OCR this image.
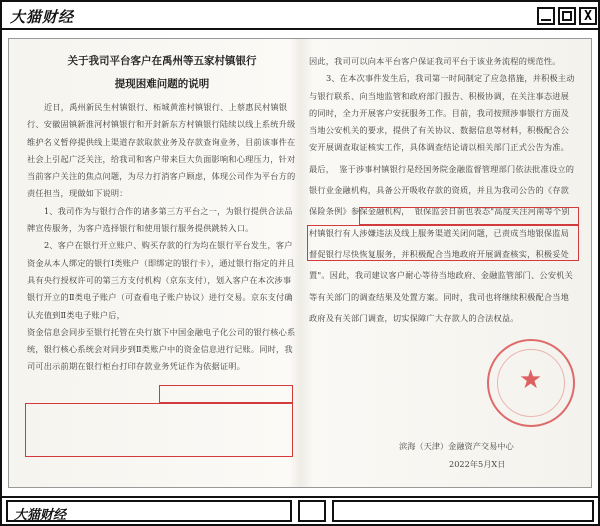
大猫财经	X
关于我司平台客户在禹州等五家村镇银行
提现困难问题的说明

近日，禹州新民生村镇银行、柘城黄淮村镇银行、上蔡惠民村镇银行、安徽固镇新淮河村镇银行和开封新东方村镇银行陆续以线上系统升级维护名义暂停提供线上渠道存款取款业务及存款查询业务，目前该事件在社会上引起广泛关注，给我司和客户带来巨大负面影响和心理压力，针对当前客户关注的焦点问题，为尽力打消客户顾虑，体现公司作为平台方的责任担当，现做如下说明：

1、我司作为与银行合作的诸多第三方平台之一，为银行提供合法品牌宣传服务，为客户选择银行和使用银行服务提供跳转入口。

2、客户在银行开立账户、购买存款的行为均在银行平台发生，客户资金从本人绑定的银行Ⅰ类账户（即绑定的银行卡），通过银行指定的并且具有央行授权许可的第三方支付机构（京东支付），划入客户在本次涉事银行开立的Ⅱ类电子账户（可查看电子账户协议）进行交易。京东支付确认充值到Ⅱ类电子账户后，

资金信息会同步至银行托管在央行旗下中国金融电子化公司的银行核心系统，银行核心系统会对同步到Ⅱ类账户中的资金信息进行记账。同时，我司可出示前期在银行柜台打印存款业务凭证作为依据证明。

因此，我司可以向本平台客户保证我司平台于该业务流程的规范性。

3、在本次事件发生后，我司第一时间制定了应急措施，并积极主动与银行联系、向当地监管和政府部门报告、积极协调，在关注事态进展的同时，全力开展客户安抚服务工作。目前，我司按照涉事银行方面及当地公安机关的要求，提供了有关协议、数据信息等材料，积极配合公安开展调查取证核实工作，具体调查结论请以相关部门正式公告为准。

最后，

鉴于涉事村镇银行是经国务院金融监督管理部门依法批准设立的银行业金融机构，具备公开吸收存款的资质，并且为我司公告的《存款保险条例》参保金融机构，

银保监会日前也表态"高度关注河南等个别村镇银行有人涉嫌违法及线上服务渠道关闭问题，已责成当地银保监局督促银行尽快恢复服务，并积极配合当地政府开展调查核实，积极妥处置"。因此，我司建议客户耐心等待当地政府、金融监管部门、公安机关等有关部门的调查结果及处置方案。同时，我司也将继续积极配合当地政府及有关部门调查，切实保障广大存款人的合法权益。

★
滨海（天津）金融资产交易中心
2022年5月X日
大猫财经
